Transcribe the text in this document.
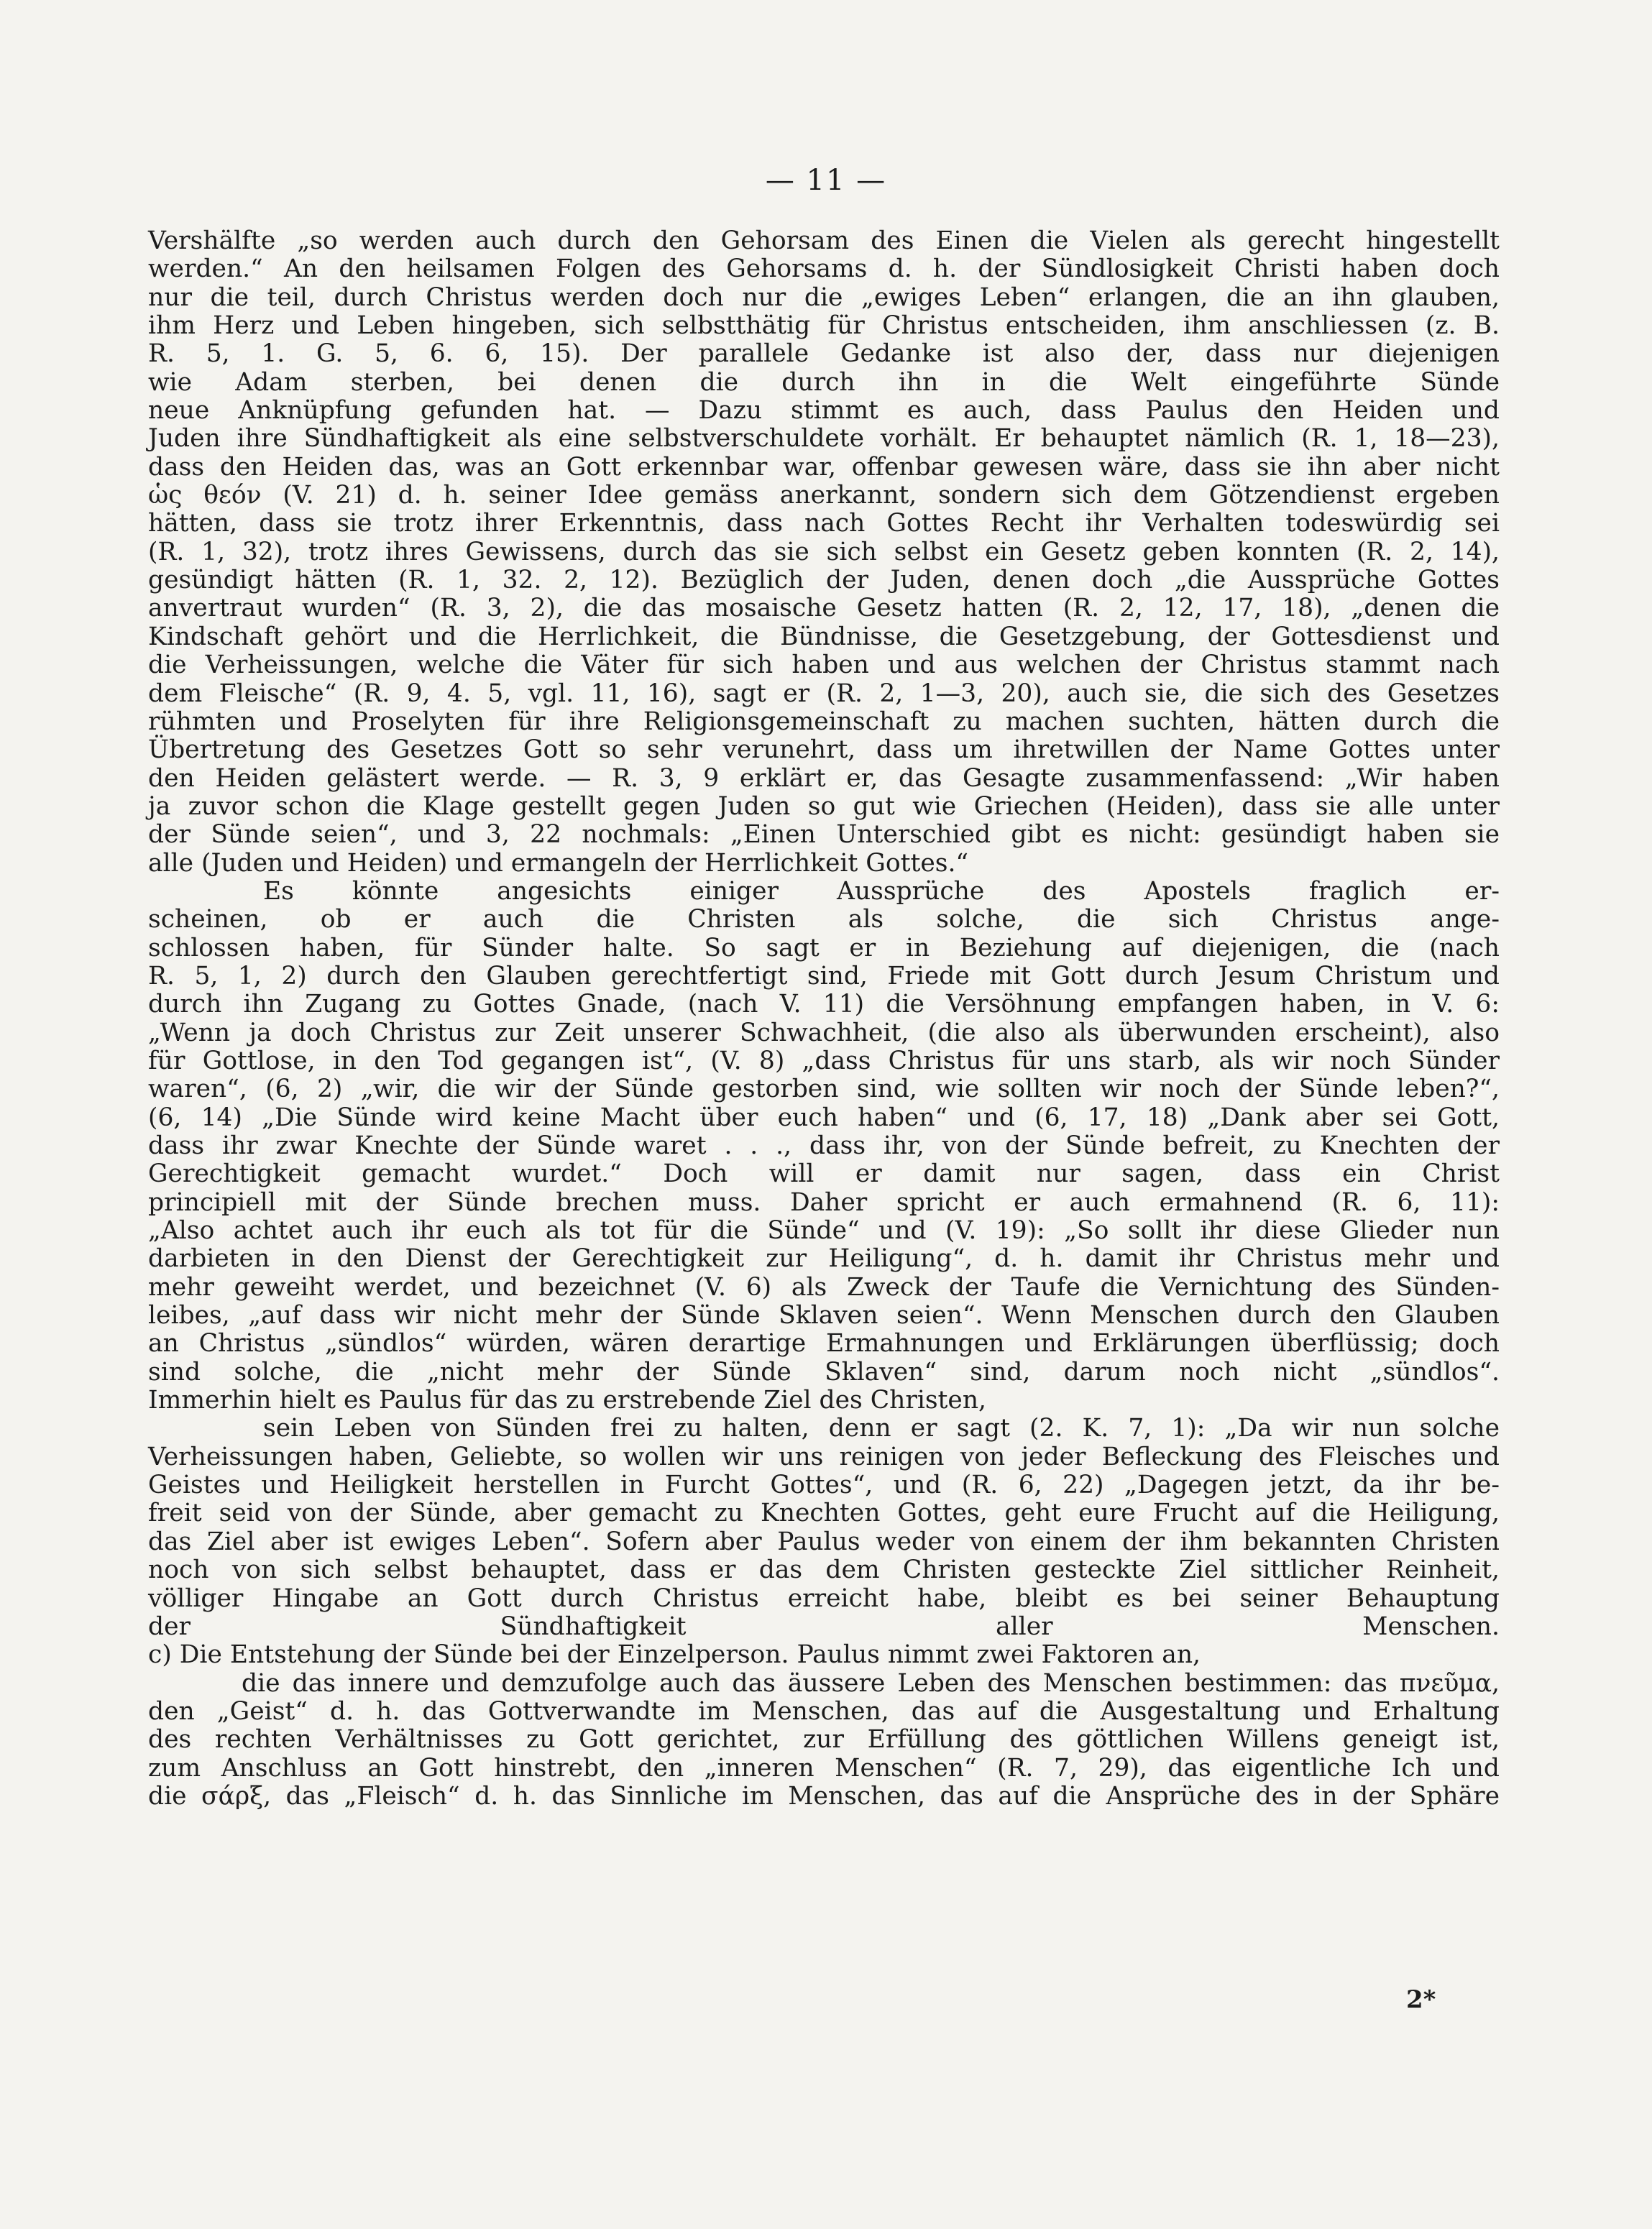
— 11 —
Vershälfte „so werden auch durch den Gehorsam des Einen die Vielen als gerecht hingestellt
werden.“ An den heilsamen Folgen des Gehorsams d. h. der Sündlosigkeit Christi haben doch
nur die teil, durch Christus werden doch nur die „ewiges Leben“ erlangen, die an ihn glauben,
ihm Herz und Leben hingeben, sich selbstthätig für Christus entscheiden, ihm anschliessen (z. B.
R. 5, 1. G. 5, 6. 6, 15). Der parallele Gedanke ist also der, dass nur diejenigen
wie Adam sterben, bei denen die durch ihn in die Welt eingeführte Sünde
neue Anknüpfung gefunden hat. — Dazu stimmt es auch, dass Paulus den Heiden und
Juden ihre Sündhaftigkeit als eine selbstverschuldete vorhält. Er behauptet nämlich (R. 1, 18—23),
dass den Heiden das, was an Gott erkennbar war, offenbar gewesen wäre, dass sie ihn aber nicht
ὡς θεόν (V. 21) d. h. seiner Idee gemäss anerkannt, sondern sich dem Götzendienst ergeben
hätten, dass sie trotz ihrer Erkenntnis, dass nach Gottes Recht ihr Verhalten todeswürdig sei
(R. 1, 32), trotz ihres Gewissens, durch das sie sich selbst ein Gesetz geben konnten (R. 2, 14),
gesündigt hätten (R. 1, 32. 2, 12). Bezüglich der Juden, denen doch „die Aussprüche Gottes
anvertraut wurden“ (R. 3, 2), die das mosaische Gesetz hatten (R. 2, 12, 17, 18), „denen die
Kindschaft gehört und die Herrlichkeit, die Bündnisse, die Gesetzgebung, der Gottesdienst und
die Verheissungen, welche die Väter für sich haben und aus welchen der Christus stammt nach
dem Fleische“ (R. 9, 4. 5, vgl. 11, 16), sagt er (R. 2, 1—3, 20), auch sie, die sich des Gesetzes
rühmten und Proselyten für ihre Religionsgemeinschaft zu machen suchten, hätten durch die
Übertretung des Gesetzes Gott so sehr verunehrt, dass um ihretwillen der Name Gottes unter
den Heiden gelästert werde. — R. 3, 9 erklärt er, das Gesagte zusammenfassend: „Wir haben
ja zuvor schon die Klage gestellt gegen Juden so gut wie Griechen (Heiden), dass sie alle unter
der Sünde seien“, und 3, 22 nochmals: „Einen Unterschied gibt es nicht: gesündigt haben sie
alle (Juden und Heiden) und ermangeln der Herrlichkeit Gottes.“
Es könnte angesichts einiger Aussprüche des Apostels fraglich er-
scheinen, ob er auch die Christen als solche, die sich Christus ange-
schlossen haben, für Sünder halte. So sagt er in Beziehung auf diejenigen, die (nach
R. 5, 1, 2) durch den Glauben gerechtfertigt sind, Friede mit Gott durch Jesum Christum und
durch ihn Zugang zu Gottes Gnade, (nach V. 11) die Versöhnung empfangen haben, in V. 6:
„Wenn ja doch Christus zur Zeit unserer Schwachheit, (die also als überwunden erscheint), also
für Gottlose, in den Tod gegangen ist“, (V. 8) „dass Christus für uns starb, als wir noch Sünder
waren“, (6, 2) „wir, die wir der Sünde gestorben sind, wie sollten wir noch der Sünde leben?“,
(6, 14) „Die Sünde wird keine Macht über euch haben“ und (6, 17, 18) „Dank aber sei Gott,
dass ihr zwar Knechte der Sünde waret . . ., dass ihr, von der Sünde befreit, zu Knechten der
Gerechtigkeit gemacht wurdet.“ Doch will er damit nur sagen, dass ein Christ
principiell mit der Sünde brechen muss. Daher spricht er auch ermahnend (R. 6, 11):
„Also achtet auch ihr euch als tot für die Sünde“ und (V. 19): „So sollt ihr diese Glieder nun
darbieten in den Dienst der Gerechtigkeit zur Heiligung“, d. h. damit ihr Christus mehr und
mehr geweiht werdet, und bezeichnet (V. 6) als Zweck der Taufe die Vernichtung des Sünden-
leibes, „auf dass wir nicht mehr der Sünde Sklaven seien“. Wenn Menschen durch den Glauben
an Christus „sündlos“ würden, wären derartige Ermahnungen und Erklärungen überflüssig; doch
sind solche, die „nicht mehr der Sünde Sklaven“ sind, darum noch nicht „sündlos“.
Immerhin hielt es Paulus für das zu erstrebende Ziel des Christen,
sein Leben von Sünden frei zu halten, denn er sagt (2. K. 7, 1): „Da wir nun solche
Verheissungen haben, Geliebte, so wollen wir uns reinigen von jeder Befleckung des Fleisches und
Geistes und Heiligkeit herstellen in Furcht Gottes“, und (R. 6, 22) „Dagegen jetzt, da ihr be-
freit seid von der Sünde, aber gemacht zu Knechten Gottes, geht eure Frucht auf die Heiligung,
das Ziel aber ist ewiges Leben“. Sofern aber Paulus weder von einem der ihm bekannten Christen
noch von sich selbst behauptet, dass er das dem Christen gesteckte Ziel sittlicher Reinheit,
völliger Hingabe an Gott durch Christus erreicht habe, bleibt es bei seiner Behauptung
der Sündhaftigkeit aller Menschen.
c) Die Entstehung der Sünde bei der Einzelperson. Paulus nimmt zwei Faktoren an,
die das innere und demzufolge auch das äussere Leben des Menschen bestimmen: das πνεῦμα,
den „Geist“ d. h. das Gottverwandte im Menschen, das auf die Ausgestaltung und Erhaltung
des rechten Verhältnisses zu Gott gerichtet, zur Erfüllung des göttlichen Willens geneigt ist,
zum Anschluss an Gott hinstrebt, den „inneren Menschen“ (R. 7, 29), das eigentliche Ich und
die σάρξ, das „Fleisch“ d. h. das Sinnliche im Menschen, das auf die Ansprüche des in der Sphäre
2*
